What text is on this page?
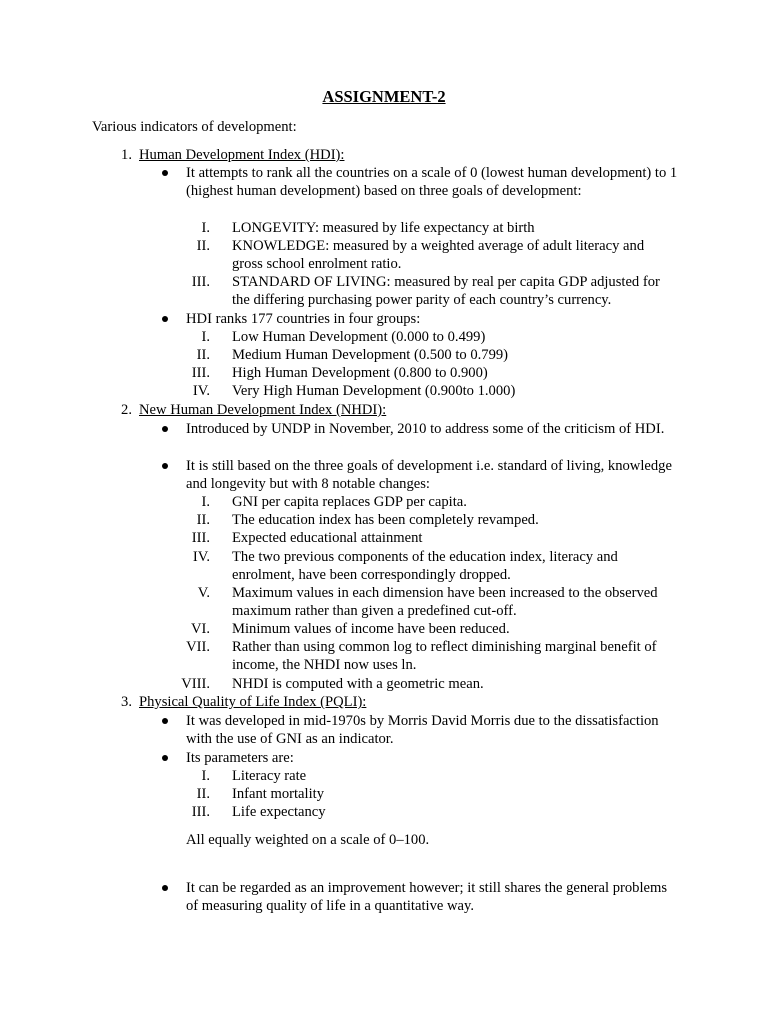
ASSIGNMENT-2
Various indicators of development:
1. Human Development Index (HDI):
It attempts to rank all the countries on a scale of 0 (lowest human development) to 1 (highest human development) based on three goals of development:
I. LONGEVITY: measured by life expectancy at birth
II. KNOWLEDGE: measured by a weighted average of adult literacy and gross school enrolment ratio.
III. STANDARD OF LIVING: measured by real per capita GDP adjusted for the differing purchasing power parity of each country’s currency.
HDI ranks 177 countries in four groups:
I. Low Human Development (0.000 to 0.499)
II. Medium Human Development (0.500 to 0.799)
III. High Human Development (0.800 to 0.900)
IV. Very High Human Development (0.900to 1.000)
2. New Human Development Index (NHDI):
Introduced by UNDP in November, 2010 to address some of the criticism of HDI.
It is still based on the three goals of development i.e. standard of living, knowledge and longevity but with 8 notable changes:
I. GNI per capita replaces GDP per capita.
II. The education index has been completely revamped.
III. Expected educational attainment
IV. The two previous components of the education index, literacy and enrolment, have been correspondingly dropped.
V. Maximum values in each dimension have been increased to the observed maximum rather than given a predefined cut-off.
VI. Minimum values of income have been reduced.
VII. Rather than using common log to reflect diminishing marginal benefit of income, the NHDI now uses ln.
VIII. NHDI is computed with a geometric mean.
3. Physical Quality of Life Index (PQLI):
It was developed in mid-1970s by Morris David Morris due to the dissatisfaction with the use of GNI as an indicator.
Its parameters are:
I. Literacy rate
II. Infant mortality
III. Life expectancy
All equally weighted on a scale of 0–100.
It can be regarded as an improvement however; it still shares the general problems of measuring quality of life in a quantitative way.
